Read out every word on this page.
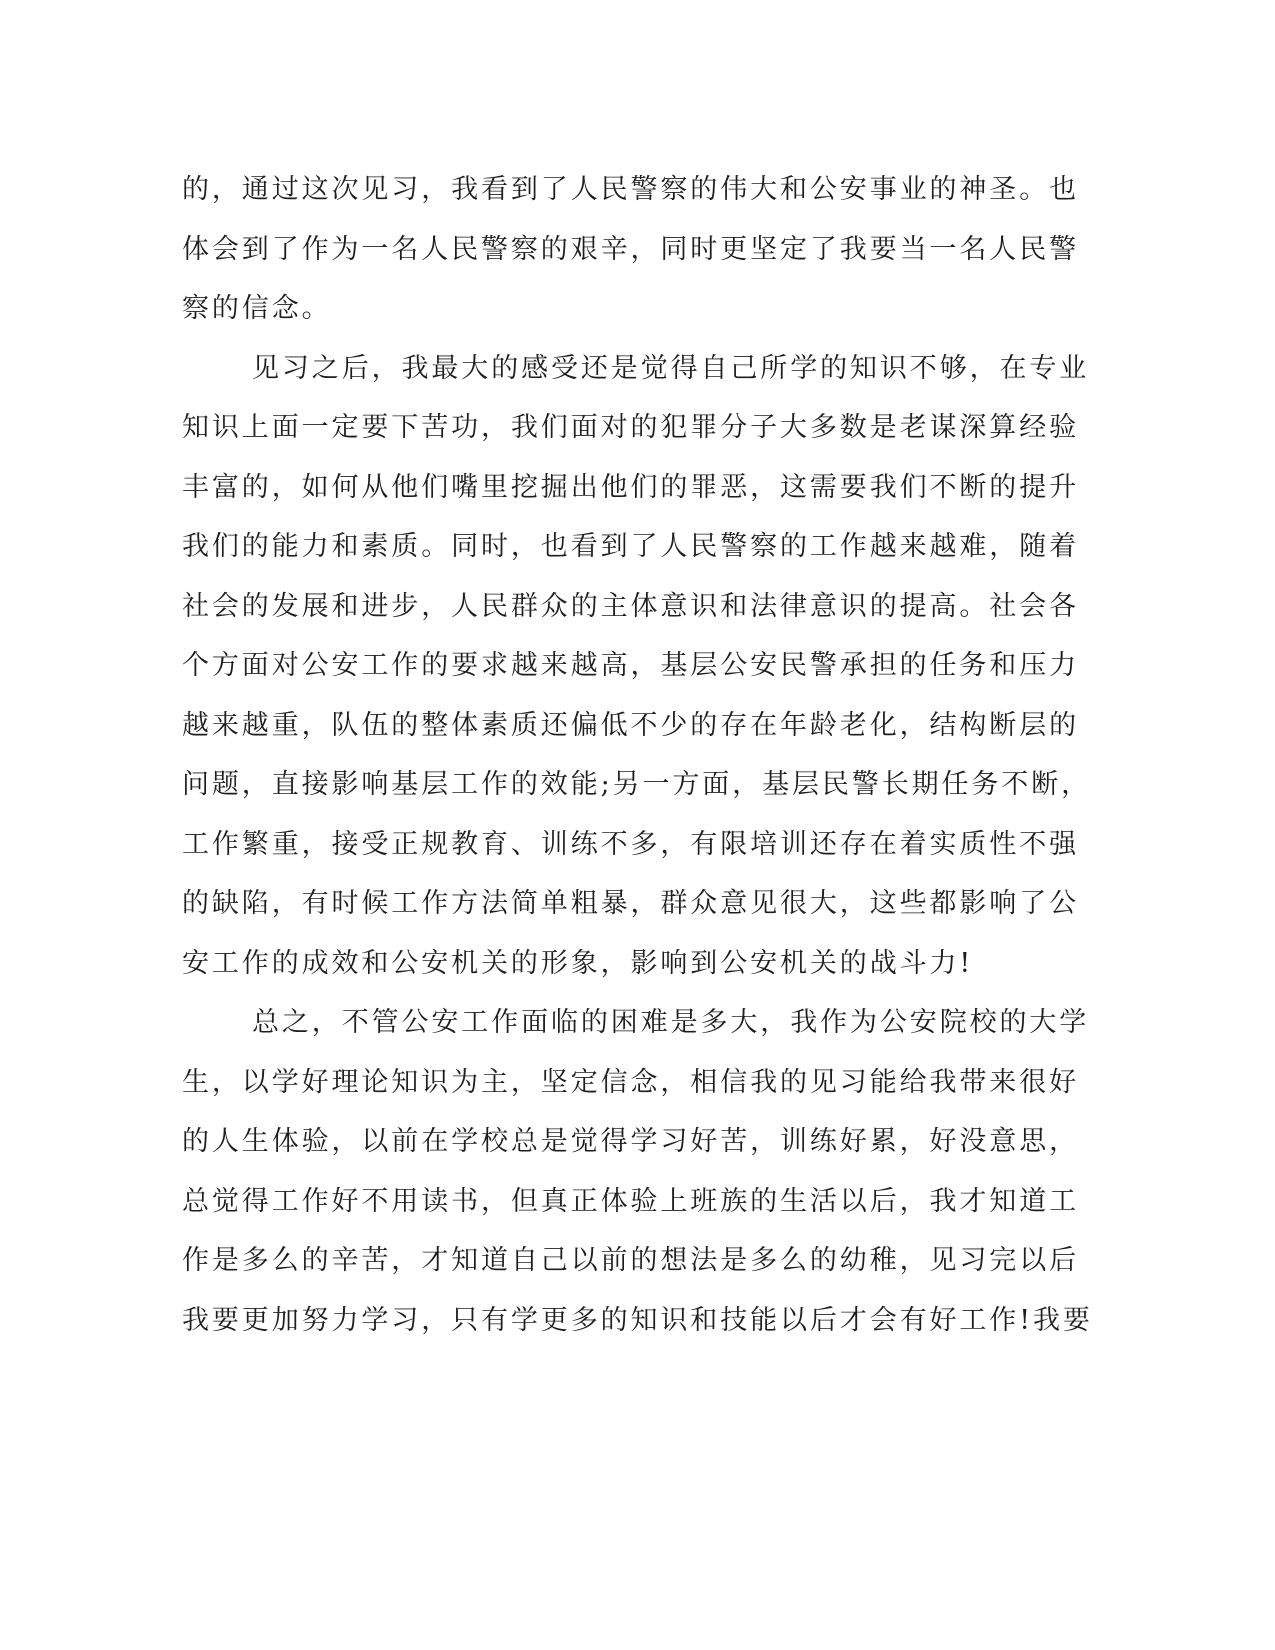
的，通过这次见习，我看到了人民警察的伟大和公安事业的神圣。也
体会到了作为一名人民警察的艰辛，同时更坚定了我要当一名人民警
察的信念。
见习之后，我最大的感受还是觉得自己所学的知识不够，在专业
知识上面一定要下苦功，我们面对的犯罪分子大多数是老谋深算经验
丰富的，如何从他们嘴里挖掘出他们的罪恶，这需要我们不断的提升
我们的能力和素质。同时，也看到了人民警察的工作越来越难，随着
社会的发展和进步，人民群众的主体意识和法律意识的提高。社会各
个方面对公安工作的要求越来越高，基层公安民警承担的任务和压力
越来越重，队伍的整体素质还偏低不少的存在年龄老化，结构断层的
问题，直接影响基层工作的效能;另一方面，基层民警长期任务不断，
工作繁重，接受正规教育、训练不多，有限培训还存在着实质性不强
的缺陷，有时候工作方法简单粗暴，群众意见很大，这些都影响了公
安工作的成效和公安机关的形象，影响到公安机关的战斗力!
总之，不管公安工作面临的困难是多大，我作为公安院校的大学
生，以学好理论知识为主，坚定信念，相信我的见习能给我带来很好
的人生体验，以前在学校总是觉得学习好苦，训练好累，好没意思，
总觉得工作好不用读书，但真正体验上班族的生活以后，我才知道工
作是多么的辛苦，才知道自己以前的想法是多么的幼稚，见习完以后
我要更加努力学习，只有学更多的知识和技能以后才会有好工作!我要
